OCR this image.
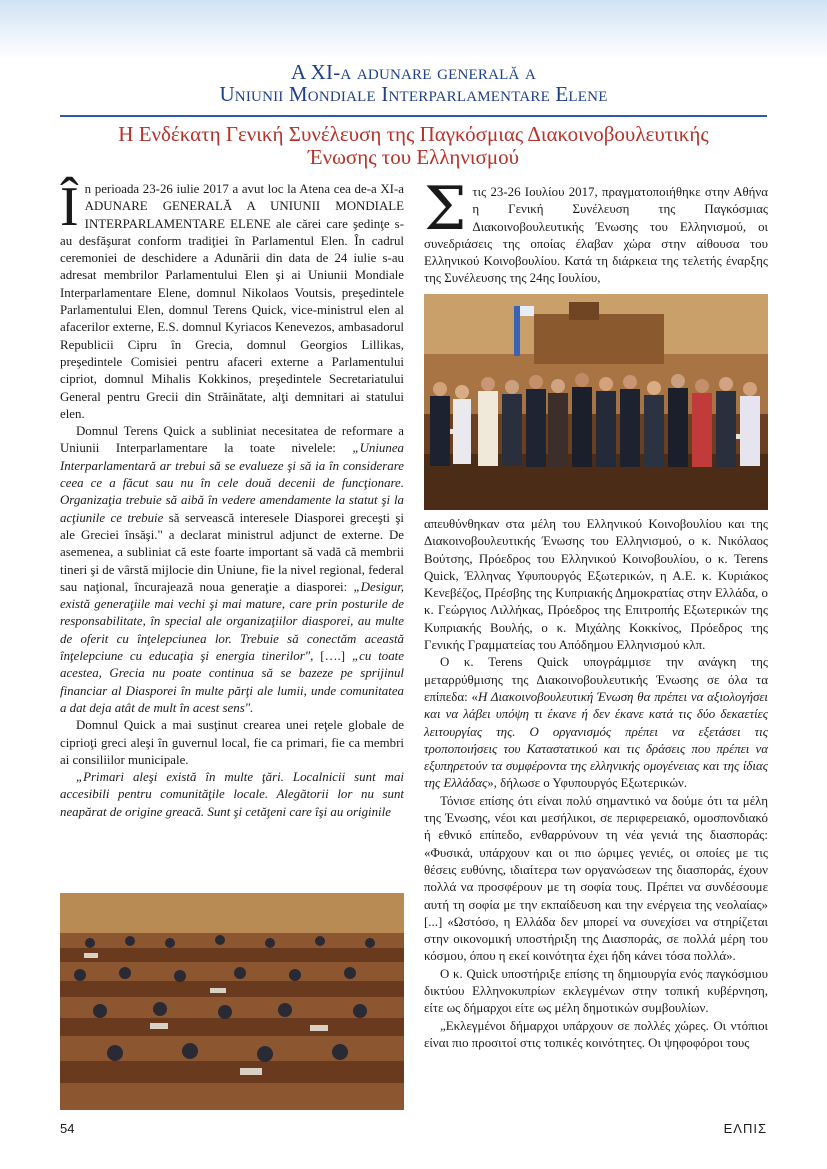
A XI-a adunare generală a
Uniunii Mondiale Interparlamentare Elene
Η Ενδέκατη Γενική Συνέλευση της Παγκόσμιας Διακοινοβουλευτικής
Ένωσης του Ελληνισμού

În perioada 23-26 iulie 2017 a avut loc la Atena cea de-a XI-a ADUNARE GENERALĂ A UNIUNII MONDIALE INTERPARLAMENTARE ELENE ale cărei care şedinţe s-au desfăşurat conform tradiţiei în Parlamentul Elen. În cadrul ceremoniei de deschidere a Adunării din data de 24 iulie s-au adresat membrilor Parlamentului Elen şi ai Uniunii Mondiale Interparlamentare Elene, domnul Nikolaos Voutsis, preşedintele Parlamentului Elen, domnul Terens Quick, vice-ministrul elen al afacerilor externe, E.S. domnul Kyriacos Kenevezos, ambasadorul Republicii Cipru în Grecia, domnul Georgios Lillikas, preşedintele Comisiei pentru afaceri externe a Parlamentului cipriot, domnul Mihalis Kokkinos, preşedintele Secretariatului General pentru Grecii din Străinătate, alţi demnitari ai statului elen.

Domnul Terens Quick a subliniat necesitatea de reformare a Uniunii Interparlamentare la toate nivelele: „Uniunea Interparlamentară ar trebui să se evalueze şi să ia în considerare ceea ce a făcut sau nu în cele două decenii de funcţionare. Organizaţia trebuie să aibă în vedere amendamente la statut şi la acţiunile ce trebuie să servească interesele Diasporei greceşti şi ale Greciei însăşi." a declarat ministrul adjunct de externe. De asemenea, a subliniat că este foarte important să vadă că membrii tineri şi de vârstă mijlocie din Uniune, fie la nivel regional, federal sau naţional, încurajează noua generaţie a diasporei: „Desigur, există generaţiile mai vechi şi mai mature, care prin posturile de responsabilitate, în special ale organizaţiilor diasporei, au multe de oferit cu înţelepciunea lor. Trebuie să conectăm această înţelepciune cu educaţia şi energia tinerilor", [….] „cu toate acestea, Grecia nu poate continua să se bazeze pe sprijinul financiar al Diasporei în multe părţi ale lumii, unde comunitatea a dat deja atât de mult în acest sens".

Domnul Quick a mai susţinut crearea unei reţele globale de ciprioţi greci aleşi în guvernul local, fie ca primari, fie ca membri ai consiliilor municipale.

„Primari aleşi există în multe ţări. Localnicii sunt mai accesibili pentru comunităţile locale. Alegătorii lor nu sunt neapărat de origine greacă. Sunt şi cetăţeni care îşi au originile

Στις 23-26 Ιουλίου 2017, πραγματοποιήθηκε στην Αθήνα η Γενική Συνέλευση της Παγκόσμιας Διακοινοβουλευτικής Ένωσης του Ελληνισμού, οι συνεδριάσεις της οποίας έλαβαν χώρα στην αίθουσα του Ελληνικού Κοινοβουλίου. Κατά τη διάρκεια της τελετής έναρξης της Συνέλευσης της 24ης Ιουλίου,

απευθύνθηκαν στα μέλη του Ελληνικού Κοινοβουλίου και της Διακοινοβουλευτικής Ένωσης του Ελληνισμού, ο κ. Νικόλαος Βούτσης, Πρόεδρος του Ελληνικού Κοινοβουλίου, ο κ. Terens Quick, Έλληνας Υφυπουργός Εξωτερικών, η Α.Ε. κ. Κυριάκος Κενεβέζος, Πρέσβης της Κυπριακής Δημοκρατίας στην Ελλάδα, ο κ. Γεώργιος Λιλλήκας, Πρόεδρος της Επιτροπής Εξωτερικών της Κυπριακής Βουλής, ο κ. Μιχάλης Κοκκίνος, Πρόεδρος της Γενικής Γραμματείας του Απόδημου Ελληνισμού κλπ.

Ο κ. Terens Quick υπογράμμισε την ανάγκη της μεταρρύθμισης της Διακοινοβουλευτικής Ένωσης σε όλα τα επίπεδα: «Η Διακοινοβουλευτική Ένωση θα πρέπει να αξιολογήσει και να λάβει υπόψη τι έκανε ή δεν έκανε κατά τις δύο δεκαετίες λειτουργίας της. Ο οργανισμός πρέπει να εξετάσει τις τροποποιήσεις του Καταστατικού και τις δράσεις που πρέπει να εξυπηρετούν τα συμφέροντα της ελληνικής ομογένειας και της ίδιας της Ελλάδας», δήλωσε ο Υφυπουργός Εξωτερικών.

Τόνισε επίσης ότι είναι πολύ σημαντικό να δούμε ότι τα μέλη της Ένωσης, νέοι και μεσήλικοι, σε περιφερειακό, ομοσπονδιακό ή εθνικό επίπεδο, ενθαρρύνουν τη νέα γενιά της διασποράς: «Φυσικά, υπάρχουν και οι πιο ώριμες γενιές, οι οποίες με τις θέσεις ευθύνης, ιδιαίτερα των οργανώσεων της διασποράς, έχουν πολλά να προσφέρουν με τη σοφία τους. Πρέπει να συνδέσουμε αυτή τη σοφία με την εκπαίδευση και την ενέργεια της νεολαίας» [...] «Ωστόσο, η Ελλάδα δεν μπορεί να συνεχίσει να στηρίζεται στην οικονομική υποστήριξη της Διασποράς, σε πολλά μέρη του κόσμου, όπου η εκεί κοινότητα έχει ήδη κάνει τόσα πολλά».

Ο κ. Quick υποστήριξε επίσης τη δημιουργία ενός παγκόσμιου δικτύου Ελληνοκυπρίων εκλεγμένων στην τοπική κυβέρνηση, είτε ως δήμαρχοι είτε ως μέλη δημοτικών συμβουλίων.

„Εκλεγμένοι δήμαρχοι υπάρχουν σε πολλές χώρες. Οι ντόπιοι είναι πιο προσιτοί στις τοπικές κοινότητες. Οι ψηφοφόροι τους

54	ΕΛΠΙΣ
